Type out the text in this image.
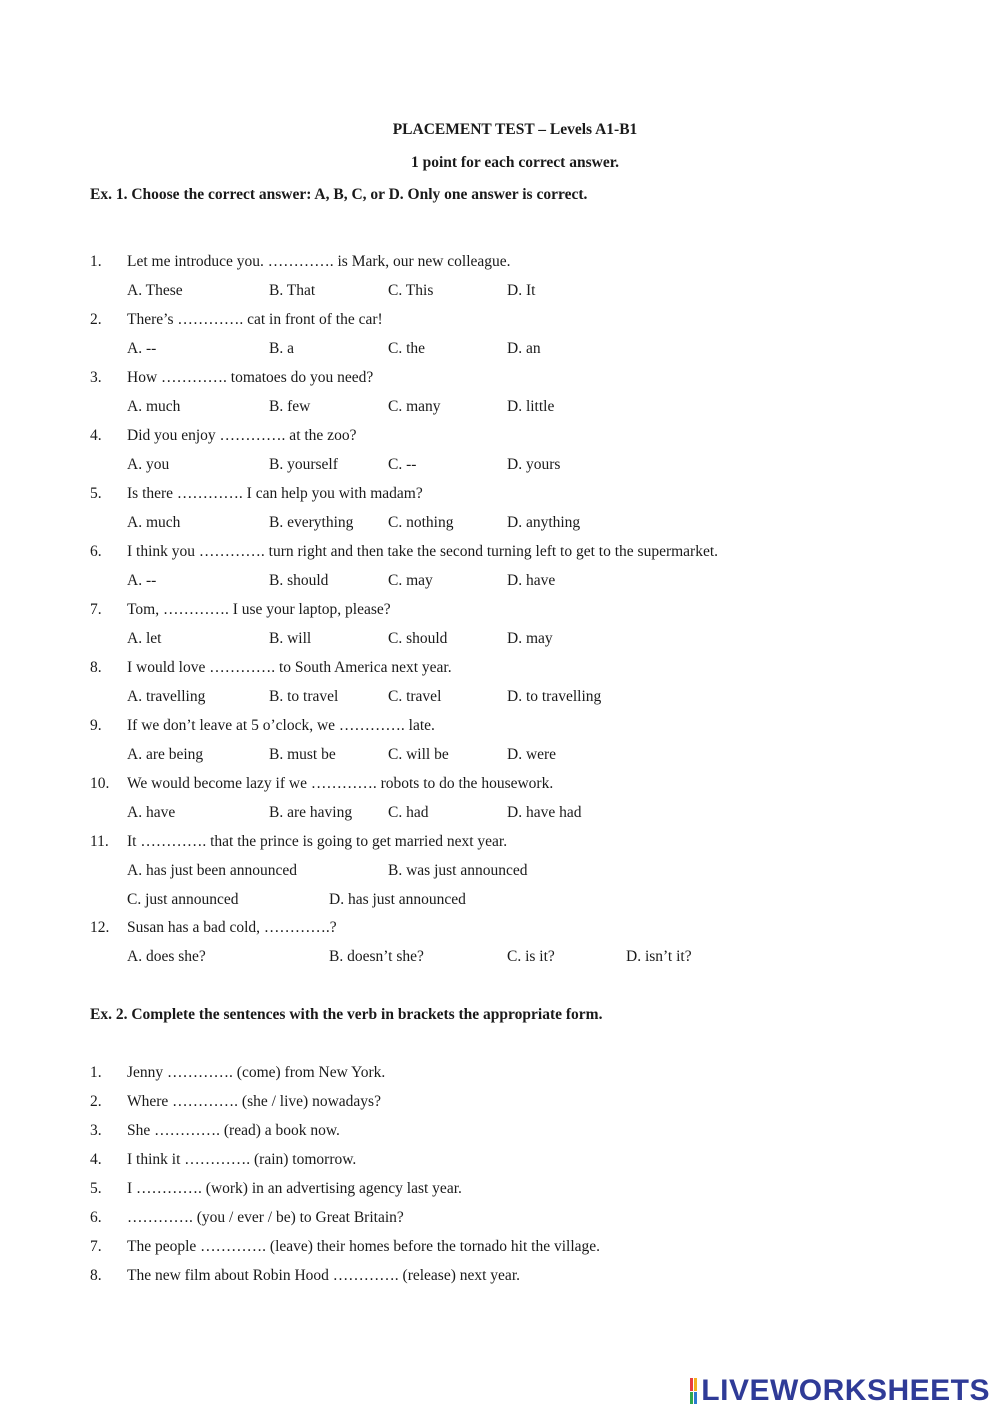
PLACEMENT TEST – Levels A1-B1
1 point for each correct answer.
Ex. 1. Choose the correct answer: A, B, C, or D. Only one answer is correct.
1.	Let me introduce you. …………. is Mark, our new colleague.
A. These	B. That	C. This	D. It
2.	There’s …………. cat in front of the car!
A. --	B. a	C. the	D. an
3.	How …………. tomatoes do you need?
A. much	B. few	C. many	D. little
4.	Did you enjoy …………. at the zoo?
A. you	B. yourself	C. --	D. yours
5.	Is there …………. I can help you with madam?
A. much	B. everything C. nothing	D. anything
6.	I think you …………. turn right and then take the second turning left to get to the supermarket.
A. --	B. should	C. may	D. have
7.	Tom, …………. I use your laptop, please?
A. let	B. will	C. should	D. may
8.	I would love …………. to South America next year.
A. travelling	B. to travel	C. travel	D. to travelling
9.	If we don’t leave at 5 o’clock, we …………. late.
A. are being	B. must be	C. will be	D. were
10.	We would become lazy if we …………. robots to do the housework.
A. have	B. are having C. had	D. have had
11.	It …………. that the prince is going to get married next year.
A. has just been announced	B. was just announced
C. just announced	D. has just announced
12.	Susan has a bad cold, ………….?
A. does she?	B. doesn’t she?	C. is it?	D. isn’t it?
Ex. 2. Complete the sentences with the verb in brackets the appropriate form.
1.	Jenny …………. (come) from New York.
2.	Where …………. (she / live) nowadays?
3.	She …………. (read) a book now.
4.	I think it …………. (rain) tomorrow.
5.	I …………. (work) in an advertising agency last year.
6.	…………. (you / ever / be) to Great Britain?
7.	The people …………. (leave) their homes before the tornado hit the village.
8.	The new film about Robin Hood …………. (release) next year.
LIVEWORKSHEETS
